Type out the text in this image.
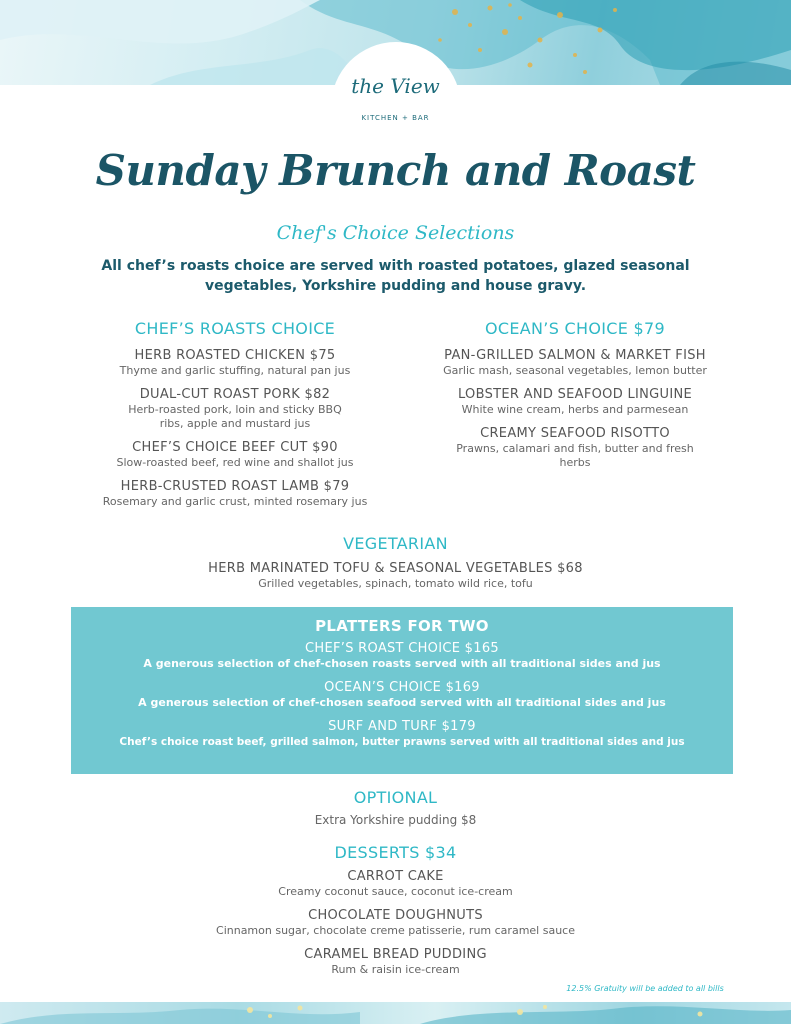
the View
KITCHEN + BAR
Sunday Brunch and Roast
Chef's Choice Selections
All chef’s roasts choice are served with roasted potatoes, glazed seasonal vegetables, Yorkshire pudding and house gravy.
CHEF’S ROASTS CHOICE
HERB ROASTED CHICKEN $75
Thyme and garlic stuffing, natural pan jus
DUAL-CUT ROAST PORK $82
Herb-roasted pork, loin and sticky BBQ ribs, apple and mustard jus
CHEF’S CHOICE BEEF CUT $90
Slow-roasted beef, red wine and shallot jus
HERB-CRUSTED ROAST LAMB $79
Rosemary and garlic crust, minted rosemary jus
OCEAN’S CHOICE $79
PAN-GRILLED SALMON & MARKET FISH
Garlic mash, seasonal vegetables, lemon butter
LOBSTER AND SEAFOOD LINGUINE
White wine cream, herbs and parmesean
CREAMY SEAFOOD RISOTTO
Prawns, calamari and fish, butter and fresh herbs
VEGETARIAN
HERB MARINATED TOFU & SEASONAL VEGETABLES $68
Grilled vegetables, spinach, tomato wild rice, tofu
PLATTERS FOR TWO
CHEF’S ROAST CHOICE $165
A generous selection of chef-chosen roasts served with all traditional sides and jus
OCEAN’S CHOICE $169
A generous selection of chef-chosen seafood served with all traditional sides and jus
SURF AND TURF $179
Chef’s choice roast beef, grilled salmon, butter prawns served with all traditional sides and jus
OPTIONAL
Extra Yorkshire pudding $8
DESSERTS $34
CARROT CAKE
Creamy coconut sauce, coconut ice-cream
CHOCOLATE DOUGHNUTS
Cinnamon sugar, chocolate creme patisserie, rum caramel sauce
CARAMEL BREAD PUDDING
Rum & raisin ice-cream
12.5% Gratuity will be added to all bills
